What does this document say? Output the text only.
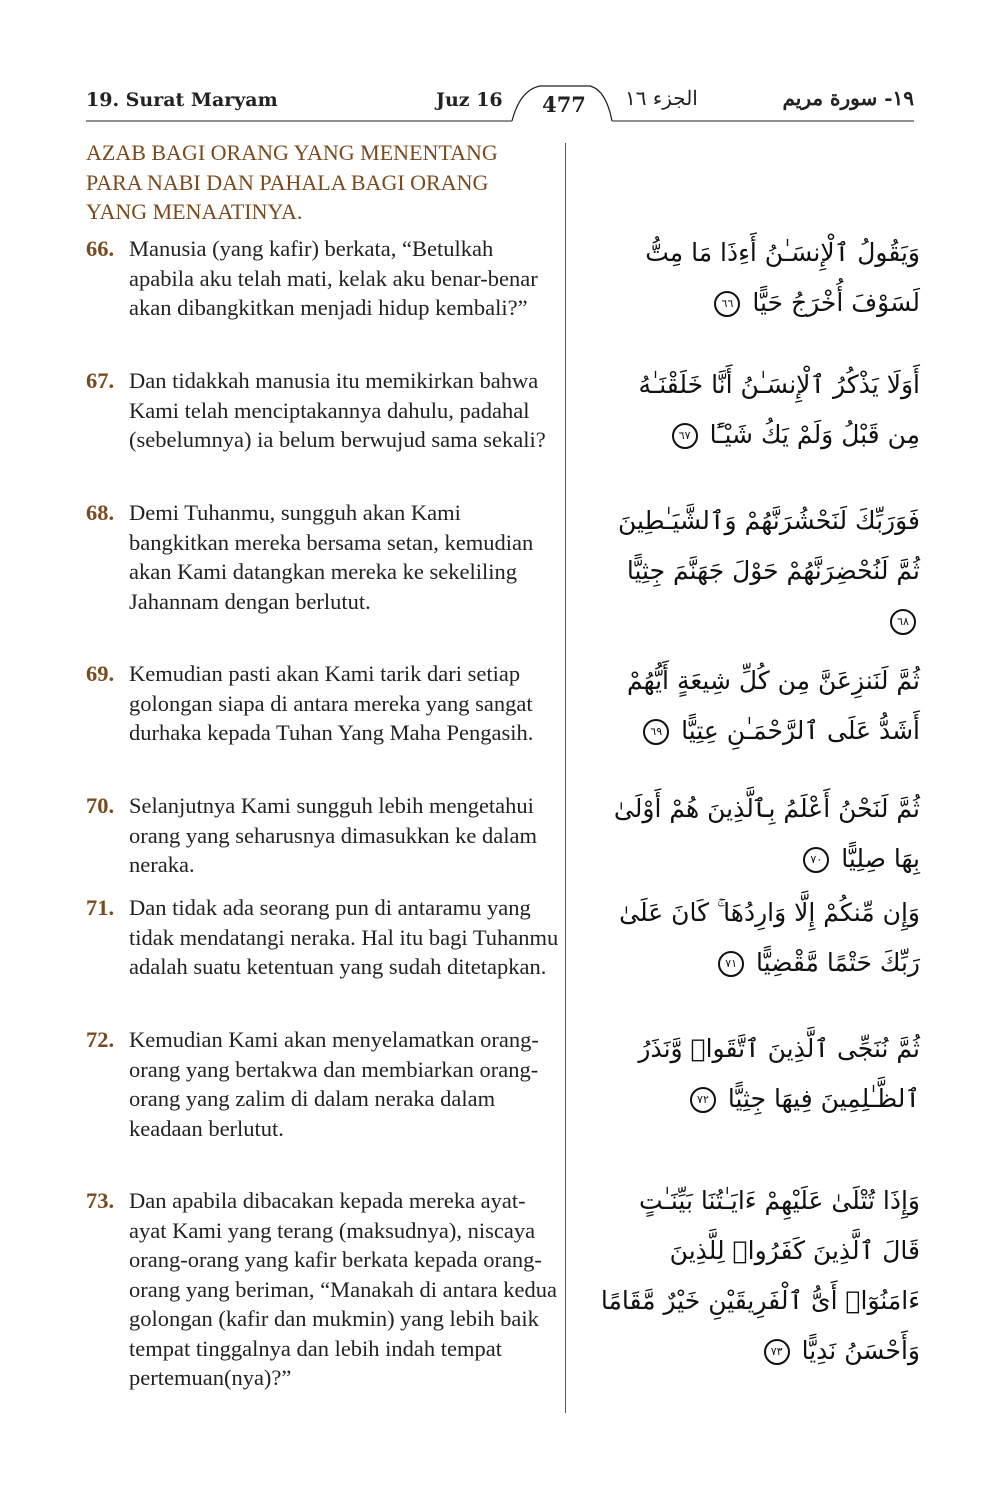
19. Surat Maryam	Juz 16	477	الجزء ١٦	١٩- سورة مريم
AZAB BAGI ORANG YANG MENENTANG PARA NABI DAN PAHALA BAGI ORANG YANG MENAATINYA.
66. Manusia (yang kafir) berkata, “Betulkah apabila aku telah mati, kelak aku benar-benar akan dibangkitkan menjadi hidup kembali?”
وَيَقُولُ ٱلْإِنسَـٰنُ أَءِذَا مَا مِتُّ لَسَوْفَ أُخْرَجُ حَيًّا ٦٦
67. Dan tidakkah manusia itu memikirkan bahwa Kami telah menciptakannya dahulu, padahal (sebelumnya) ia belum berwujud sama sekali?
أَوَلَا يَذْكُرُ ٱلْإِنسَـٰنُ أَنَّا خَلَقْنَـٰهُ مِن قَبْلُ وَلَمْ يَكُ شَيْـًٔا ٦٧
68. Demi Tuhanmu, sungguh akan Kami bangkitkan mereka bersama setan, kemudian akan Kami datangkan mereka ke sekeliling Jahannam dengan berlutut.
فَوَرَبِّكَ لَنَحْشُرَنَّهُمْ وَٱلشَّيَـٰطِينَ ثُمَّ لَنُحْضِرَنَّهُمْ حَوْلَ جَهَنَّمَ جِثِيًّا ٦٨
69. Kemudian pasti akan Kami tarik dari setiap golongan siapa di antara mereka yang sangat durhaka kepada Tuhan Yang Maha Pengasih.
ثُمَّ لَنَنزِعَنَّ مِن كُلِّ شِيعَةٍ أَيُّهُمْ أَشَدُّ عَلَى ٱلرَّحْمَـٰنِ عِتِيًّا ٦٩
70. Selanjutnya Kami sungguh lebih mengetahui orang yang seharusnya dimasukkan ke dalam neraka.
ثُمَّ لَنَحْنُ أَعْلَمُ بِٱلَّذِينَ هُمْ أَوْلَىٰ بِهَا صِلِيًّا ٧٠
71. Dan tidak ada seorang pun di antaramu yang tidak mendatangi neraka. Hal itu bagi Tuhanmu adalah suatu ketentuan yang sudah ditetapkan.
وَإِن مِّنكُمْ إِلَّا وَارِدُهَا ۚ كَانَ عَلَىٰ رَبِّكَ حَتْمًا مَّقْضِيًّا ٧١
72. Kemudian Kami akan menyelamatkan orang-orang yang bertakwa dan membiarkan orang-orang yang zalim di dalam neraka dalam keadaan berlutut.
ثُمَّ نُنَجِّى ٱلَّذِينَ ٱتَّقَوا۟ وَّنَذَرُ ٱلظَّـٰلِمِينَ فِيهَا جِثِيًّا ٧٢
73. Dan apabila dibacakan kepada mereka ayat-ayat Kami yang terang (maksudnya), niscaya orang-orang yang kafir berkata kepada orang-orang yang beriman, “Manakah di antara kedua golongan (kafir dan mukmin) yang lebih baik tempat tinggalnya dan lebih indah tempat pertemuan(nya)?”
وَإِذَا تُتْلَىٰ عَلَيْهِمْ ءَايَـٰتُنَا بَيِّنَـٰتٍ قَالَ ٱلَّذِينَ كَفَرُوا۟ لِلَّذِينَ ءَامَنُوٓا۟ أَىُّ ٱلْفَرِيقَيْنِ خَيْرٌ مَّقَامًا وَأَحْسَنُ نَدِيًّا ٧٣
